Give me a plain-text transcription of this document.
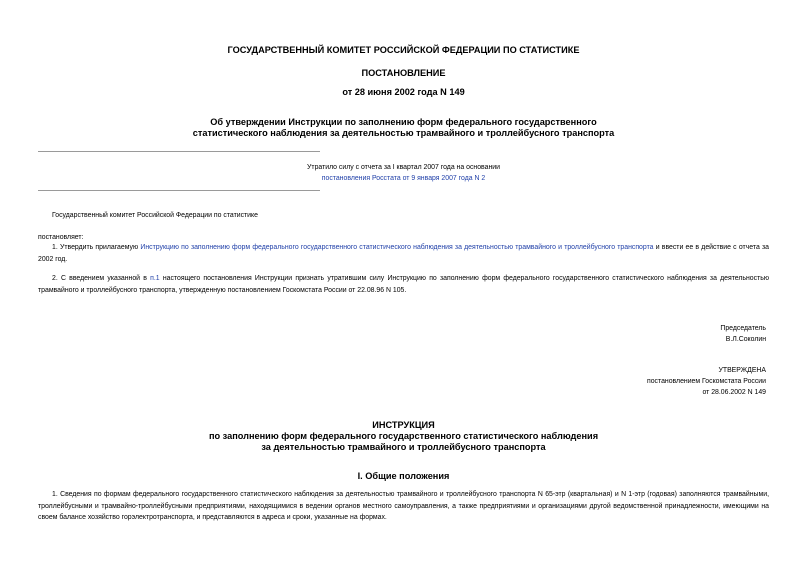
ГОСУДАРСТВЕННЫЙ КОМИТЕТ РОССИЙСКОЙ ФЕДЕРАЦИИ ПО СТАТИСТИКЕ
ПОСТАНОВЛЕНИЕ
от 28 июня 2002 года N 149
Об утверждении Инструкции по заполнению форм федерального государственного
статистического наблюдения за деятельностью трамвайного и троллейбусного транспорта
Утратило силу с отчета за I квартал 2007 года на основании
постановления Росстата от 9 января 2007 года N 2
Государственный комитет Российской Федерации по статистике
постановляет:
1. Утвердить прилагаемую Инструкцию по заполнению форм федерального государственного статистического наблюдения за деятельностью трамвайного и троллейбусного транспорта и ввести ее в действие с отчета за 2002 год.
2. С введением указанной в п.1 настоящего постановления Инструкции признать утратившим силу Инструкцию по заполнению форм федерального государственного статистического наблюдения за деятельностью трамвайного и троллейбусного транспорта, утвержденную постановлением Госкомстата России от 22.08.96 N 105.
Председатель
В.Л.Соколин
УТВЕРЖДЕНА
постановлением Госкомстата России
от 28.06.2002 N 149
ИНСТРУКЦИЯ
по заполнению форм федерального государственного статистического наблюдения
за деятельностью трамвайного и троллейбусного транспорта
I. Общие положения
1. Сведения по формам федерального государственного статистического наблюдения за деятельностью трамвайного и троллейбусного транспорта N 65-этр (квартальная) и N 1-этр (годовая) заполняются трамвайными, троллейбусными и трамвайно-троллейбусными предприятиями, находящимися в ведении органов местного самоуправления, а также предприятиями и организациями другой ведомственной принадлежности, имеющими на своем балансе хозяйство горэлектротранспорта, и представляются в адреса и сроки, указанные на формах.
